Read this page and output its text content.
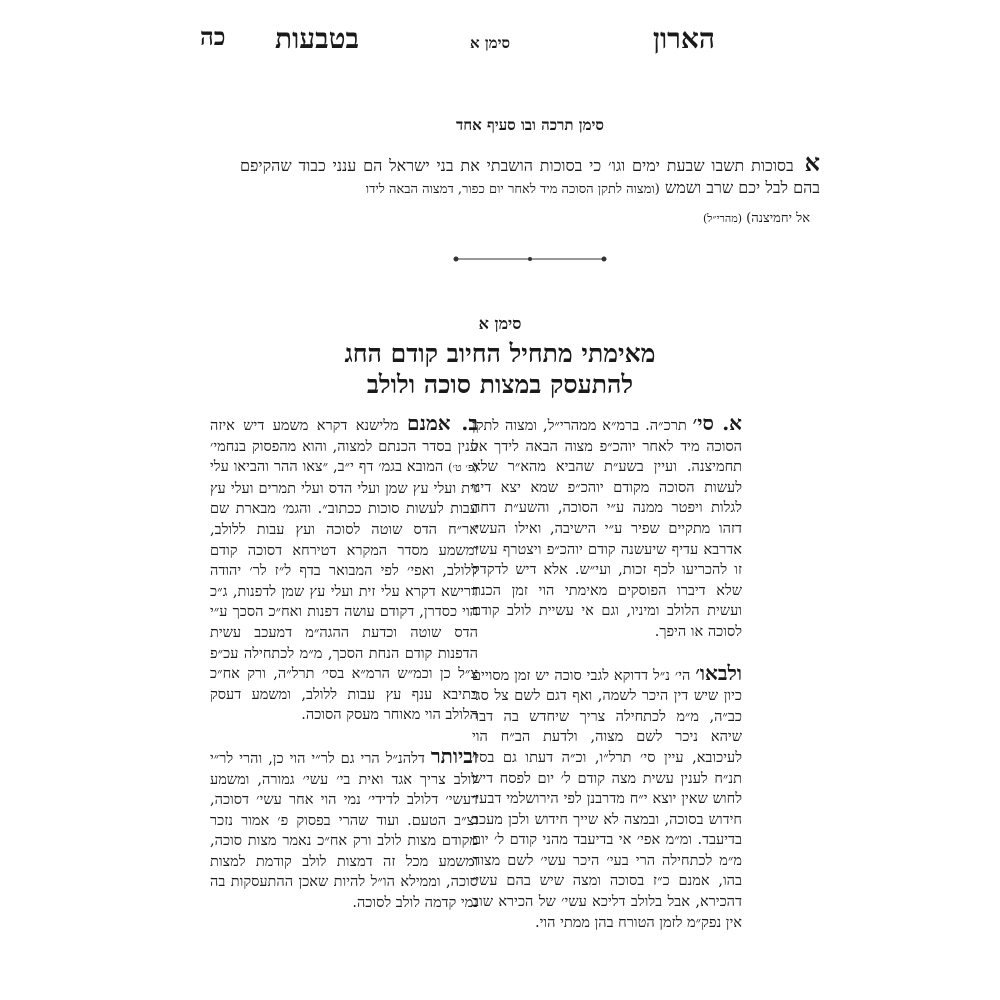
הארון
סימן א
בטבעות
כה
סימן תרכה ובו סעיף אחד
א בסוכות תשבו שבעת ימים וגו׳ כי בסוכות הושבתי את בני ישראל הם ענני כבוד שהקיפם בהם לבל יכם שרב ושמש (ומצוה לתקן הסוכה מיד לאחר יום כפור, דמצוה הבאה לידו
אל יחמיצנה) (מהרי״ל)
סימן א
מאימתי מתחיל החיוב קודם החג
להתעסק במצות סוכה ולולב

א. סי׳ תרכ״ה. ברמ״א ממהרי״ל, ומצוה לתקן הסוכה מיד לאחר יוהכ״פ מצוה הבאה לידך אל תחמיצנה. ועיין בשע״ת שהביא מהא״ר שלא לעשות הסוכה מקודם יוהכ״פ שמא יצא דינו לגלות ויפטר ממנה ע״י הסוכה, והשע״ת דחה דזהו מתקיים שפיר ע״י הישיבה, ואילו העשי׳ אדרבא עדיף שיעשנה קודם יוהכ״פ ויצטרף עשי׳ זו להכריעו לכף זכות, ועי״ש. אלא דיש לדקדק שלא דיברו הפוסקים מאימתי הוי זמן הכנת ועשית הלולב ומיניו, וגם אי עשיית לולב קודם לסוכה או היפך.

ולבאו׳ הי׳ נ״ל דדוקא לגבי סוכה יש זמן מסויים כיון שיש דין היכר לשמה, ואף דגם לשם צל סגי כב״ה, מ״מ לכתחילה צריך שיחדש בה דבר שיהא ניכר לשם מצוה, ולדעת הב״ח הוי לעיכובא, עיין סי׳ תרל״ו, וכ״ה דעתו גם בסי׳ תנ״ח לענין עשית מצה קודם ל׳ יום לפסח דיש לחוש שאין יוצא י״ח מדרבנן לפי הירושלמי דבעי׳ חידוש בסוכה, ובמצה לא שייך חידוש ולכן מעכב בדיעבד. ומ״מ אפי׳ אי בדיעבד מהני קודם ל׳ יום מ״מ לכתחילה הרי בעי׳ היכר עשי׳ לשם מצוה בהו, אמנם כ״ז בסוכה ומצה שיש בהם עשי׳ דהכירא, אבל בלולב דליכא עשי׳ של הכירא שוב אין נפק״מ לזמן הטורח בהן ממתי הוי.

ב. אמנם מלישנא דקרא משמע דיש איזה ענין בסדר הכנתם למצוה, והוא מהפסוק בנחמי׳ (פ׳ ט׳) המובא בגמ׳ דף י״ב, ״צאו ההר והביאו עלי זית ועלי עץ שמן ועלי הדס ועלי תמרים ועלי עץ עבות לעשות סוכות ככתוב״. והגמ׳ מבארת שם אר״ח הדס שוטה לסוכה ועץ עבות ללולב, ומשמע מסדר המקרא דטירחא דסוכה קודם ללולב, ואפי׳ לפי המבואר בדף ל״ז לר׳ יהודה דרישא דקרא עלי זית ועלי עץ שמן לדפנות, ג״כ הוי כסדרן, דקודם עושה דפנות ואח״כ הסכך ע״י הדס שוטה וכדעת ההגה״מ דמעכב עשית הדפנות קודם הנחת הסכך, מ״מ לכתחילה עכ״פ צ״ל כן וכמ״ש הרמ״א בסי׳ תרל״ה, ורק אח״כ כתיבא ענף עץ עבות ללולב, ומשמע דעסק הלולב הוי מאוחר מעסק הסוכה.

וביותר דלהנ״ל הרי גם לר״י הוי כן, והרי לר״י לולב צריך אגד ואית בי׳ עשי׳ גמורה, ומשמע דעשי׳ דלולב לדידי׳ נמי הוי אחר עשי׳ דסוכה, וצ״ב הטעם. ועוד שהרי בפסוק פ׳ אמור נזכר מקודם מצות לולב ורק אח״כ נאמר מצות סוכה, ומשמע מכל זה דמצות לולב קודמת למצות סוכה, וממילא הו״ל להיות שאכן ההתעסקות בה נמי קדמה לולב לסוכה.
